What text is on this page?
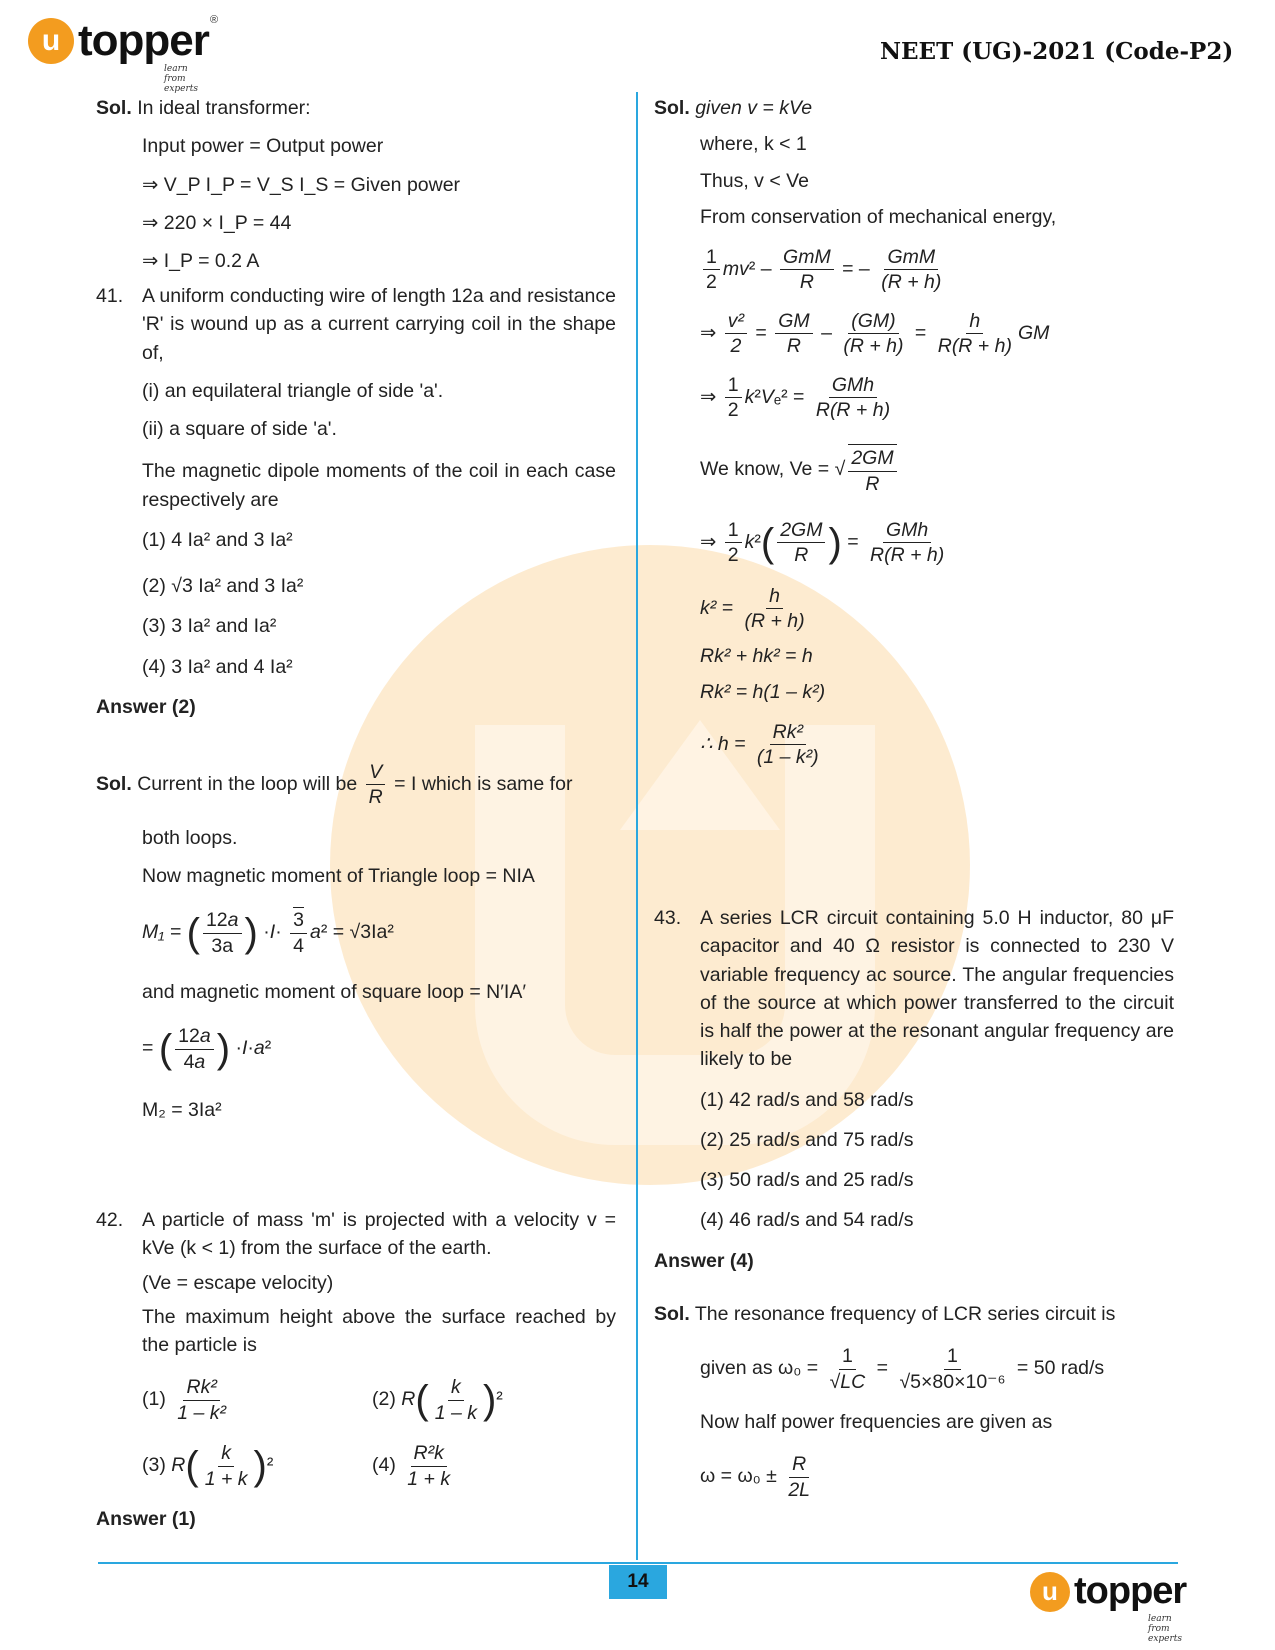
u topper ®
learn from experts
NEET (UG)-2021 (Code-P2)
Sol. In ideal transformer:
Input power = Output power
⇒ V_P I_P = V_S I_S = Given power
⇒ 220 × I_P = 44
⇒ I_P = 0.2 A
41. A uniform conducting wire of length 12a and resistance 'R' is wound up as a current carrying coil in the shape of,
(i) an equilateral triangle of side 'a'.
(ii) a square of side 'a'.
The magnetic dipole moments of the coil in each case respectively are
(1) 4 Ia² and 3 Ia²
(2) √3 Ia² and 3 Ia²
(3) 3 Ia² and Ia²
(4) 3 Ia² and 4 Ia²
Answer (2)
Sol. Current in the loop will be $\frac{V}{R} = I$ which is same for
both loops.
Now magnetic moment of Triangle loop = NIA
M₁ = ( $\frac{12a}{3a}$ ) $\cdot I\cdot \frac{3}{4} a^2 = √3Ia^2$
and magnetic moment of square loop = N′IA′
= ( $\frac{12a}{4a}$ ) ·I·a²
M₂ = 3Ia²
42. A particle of mass 'm' is projected with a velocity v = kVe (k < 1) from the surface of the earth.
(Ve = escape velocity)
The maximum height above the surface reached by the particle is
$(1) \frac{\text{Rk²}}{\text{1 – k²}}$	(2) $R( \frac{k}{1 - k} )^2$
(3) $R( \frac{k}{1 + k} )^2$	$(4) \frac{\text{R²k}}{1 + k}$
Answer (1)
Sol. given v = kVe
where, k < 1
Thus, v < Ve
From conservation of mechanical energy,
$\frac{1}{2} mv^2 - \frac{\text{GmM}}{R}$ = – $\frac{\text{GmM}}{(R + h)}$
⇒ $\frac{\text{v²}}{2} = \frac{GM}{R} - \frac{(GM)}{(R + h)} = \frac{h}{R(R + h)}$ GM
⇒ $\frac{1}{2} k^2V_e^2 = \frac{\text{GMh}}{R(R + h)}$
We know, Ve = √ $\frac{2GM}{R}$
⇒ $\frac{1}{2} k^2( \frac{2GM}{R}$ ) = $\frac{\text{GMh}}{R(R + h)}$
$k^2 = \frac{h}{(R + h)}$
Rk² + hk² = h
Rk² = h(1 – k²)
∴ $h = \frac{\text{Rk²}}{\text{(1 – k²)}}$
43. A series LCR circuit containing 5.0 H inductor, 80 μF capacitor and 40 Ω resistor is connected to 230 V variable frequency ac source. The angular frequencies of the source at which power transferred to the circuit is half the power at the resonant angular frequency are likely to be
(1) 42 rad/s and 58 rad/s
(2) 25 rad/s and 75 rad/s
(3) 50 rad/s and 25 rad/s
(4) 46 rad/s and 54 rad/s
Answer (4)
Sol. The resonance frequency of LCR series circuit is
given as $\omega_0 = \frac{1}{√LC} = \frac{1}{\text{√5×80×10⁻⁶}} = 50$ rad/s
Now half power frequencies are given as
$\omega = \omega_0 \pm \frac{R}{2L}$
14	u topper
learn from experts
